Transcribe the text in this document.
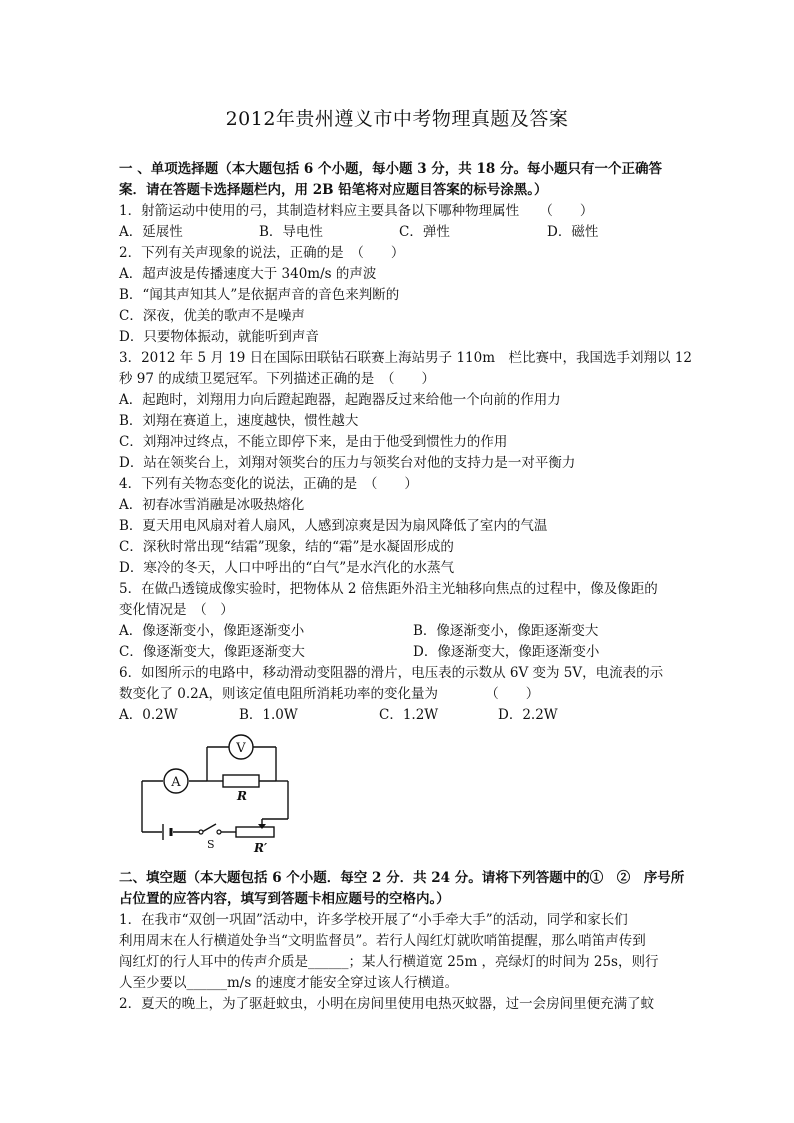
2012年贵州遵义市中考物理真题及答案
一 、单项选择题（本大题包括 6 个小题，每小题 3 分，共 18 分。每小题只有一个正确答
案．请在答题卡选择题栏内，用 2B 铅笔将对应题目答案的标号涂黑。）
1．射箭运动中使用的弓，其制造材料应主要具备以下哪种物理属性　　（　　）
A．延展性	B．导电性	C．弹性	D．磁性
2．下列有关声现象的说法，正确的是　（　　）
A．超声波是传播速度大于 340m/s 的声波
B．“闻其声知其人”是依据声音的音色来判断的
C．深夜，优美的歌声不是噪声
D．只要物体振动，就能听到声音
3．2012 年 5 月 19 日在国际田联钻石联赛上海站男子 110m　栏比赛中，我国选手刘翔以 12
秒 97 的成绩卫冕冠军。下列描述正确的是　（　　）
A．起跑时，刘翔用力向后蹬起跑器，起跑器反过来给他一个向前的作用力
B．刘翔在赛道上，速度越快，惯性越大
C．刘翔冲过终点，不能立即停下来，是由于他受到惯性力的作用
D．站在领奖台上，刘翔对领奖台的压力与领奖台对他的支持力是一对平衡力
4．下列有关物态变化的说法，正确的是　（　　）
A．初春冰雪消融是冰吸热熔化
B．夏天用电风扇对着人扇风，人感到凉爽是因为扇风降低了室内的气温
C．深秋时常出现“结霜”现象，结的“霜”是水凝固形成的
D．寒冷的冬天，人口中呼出的“白气”是水汽化的水蒸气
5．在做凸透镜成像实验时，把物体从 2 倍焦距外沿主光轴移向焦点的过程中，像及像距的
变化情况是　（　）
A．像逐渐变小，像距逐渐变小	B．像逐渐变小，像距逐渐变大
C．像逐渐变大，像距逐渐变大	D．像逐渐变大，像距逐渐变小
6．如图所示的电路中，移动滑动变阻器的滑片，电压表的示数从 6V 变为 5V，电流表的示
数变化了 0.2A，则该定值电阻所消耗功率的变化量为　　　　（　　）
A．0.2W	B．1.0W	C．1.2W	D．2.2W
A
V
R
R′
S
二、填空题（本大题包括 6 个小题．每空 2 分．共 24 分。请将下列答题中的①　②　序号所
占位置的应答内容，填写到答题卡相应题号的空格内。）
1．在我市“双创一巩固”活动中，许多学校开展了“小手牵大手”的活动，同学和家长们
利用周末在人行横道处争当“文明监督员”。若行人闯红灯就吹哨笛提醒，那么哨笛声传到
闯红灯的行人耳中的传声介质是______；某人行横道宽 25m ，亮绿灯的时间为 25s，则行
人至少要以______m/s 的速度才能安全穿过该人行横道。
2．夏天的晚上，为了驱赶蚊虫，小明在房间里使用电热灭蚊器，过一会房间里便充满了蚊
